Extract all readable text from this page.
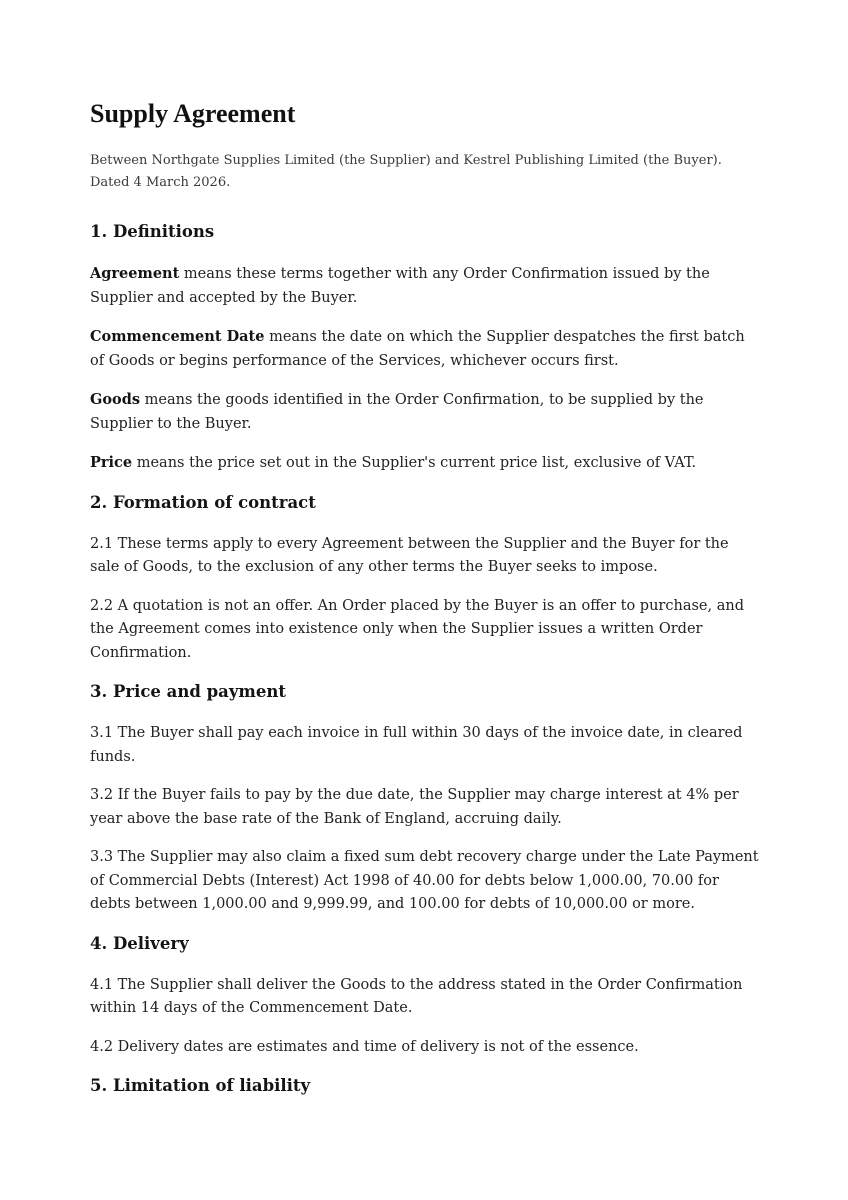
Supply Agreement

Between Northgate Supplies Limited (the Supplier) and Kestrel Publishing Limited (the Buyer). Dated 4 March 2026.

1. Definitions

Agreement means these terms together with any Order Confirmation issued by the Supplier and accepted by the Buyer.

Commencement Date means the date on which the Supplier despatches the first batch of Goods or begins performance of the Services, whichever occurs first.

Goods means the goods identified in the Order Confirmation, to be supplied by the Supplier to the Buyer.

Price means the price set out in the Supplier's current price list, exclusive of VAT.

2. Formation of contract

2.1 These terms apply to every Agreement between the Supplier and the Buyer for the sale of Goods, to the exclusion of any other terms the Buyer seeks to impose.

2.2 A quotation is not an offer. An Order placed by the Buyer is an offer to purchase, and the Agreement comes into existence only when the Supplier issues a written Order Confirmation.

3. Price and payment

3.1 The Buyer shall pay each invoice in full within 30 days of the invoice date, in cleared funds.

3.2 If the Buyer fails to pay by the due date, the Supplier may charge interest at 4% per year above the base rate of the Bank of England, accruing daily.

3.3 The Supplier may also claim a fixed sum debt recovery charge under the Late Payment of Commercial Debts (Interest) Act 1998 of 40.00 for debts below 1,000.00, 70.00 for debts between 1,000.00 and 9,999.99, and 100.00 for debts of 10,000.00 or more.

4. Delivery

4.1 The Supplier shall deliver the Goods to the address stated in the Order Confirmation within 14 days of the Commencement Date.

4.2 Delivery dates are estimates and time of delivery is not of the essence.

5. Limitation of liability
